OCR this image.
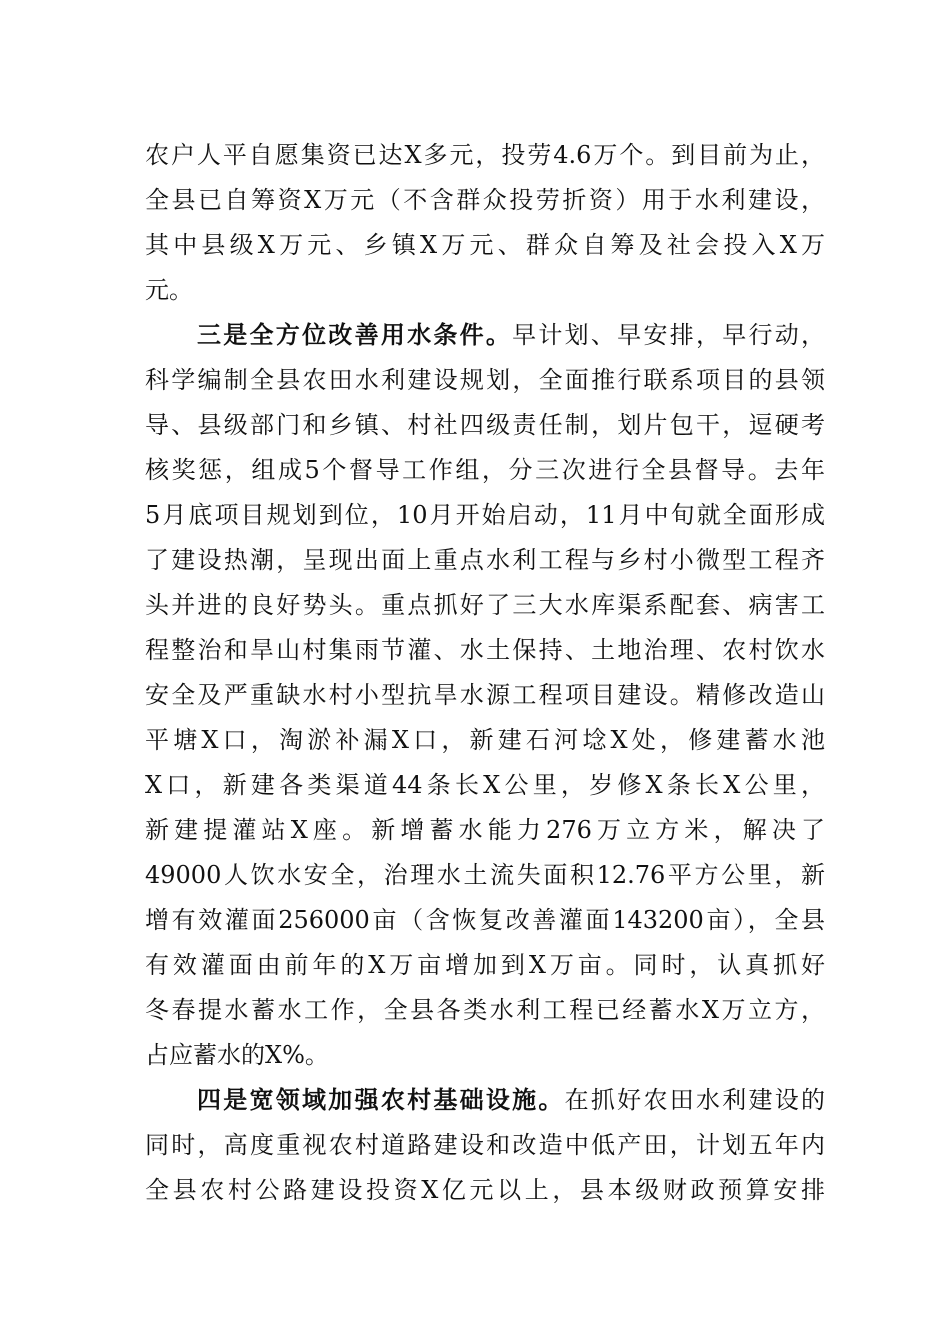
农户人平自愿集资已达X多元，投劳4.6万个。到目前为止，
全县已自筹资X万元（不含群众投劳折资）用于水利建设，
其中县级X万元、乡镇X万元、群众自筹及社会投入X万
元。
三是全方位改善用水条件。早计划、早安排，早行动，
科学编制全县农田水利建设规划，全面推行联系项目的县领
导、县级部门和乡镇、村社四级责任制，划片包干，逗硬考
核奖惩，组成5个督导工作组，分三次进行全县督导。去年
5月底项目规划到位，10月开始启动，11月中旬就全面形成
了建设热潮，呈现出面上重点水利工程与乡村小微型工程齐
头并进的良好势头。重点抓好了三大水库渠系配套、病害工
程整治和旱山村集雨节灌、水土保持、土地治理、农村饮水
安全及严重缺水村小型抗旱水源工程项目建设。精修改造山
平塘X口，淘淤补漏X口，新建石河埝X处，修建蓄水池
X口，新建各类渠道44条长X公里，岁修X条长X公里，
新建提灌站X座。新增蓄水能力276万立方米，解决了
49000人饮水安全，治理水土流失面积12.76平方公里，新
增有效灌面256000亩（含恢复改善灌面143200亩），全县
有效灌面由前年的X万亩增加到X万亩。同时，认真抓好
冬春提水蓄水工作，全县各类水利工程已经蓄水X万立方，
占应蓄水的X%。
四是宽领域加强农村基础设施。在抓好农田水利建设的
同时，高度重视农村道路建设和改造中低产田，计划五年内
全县农村公路建设投资X亿元以上，县本级财政预算安排
